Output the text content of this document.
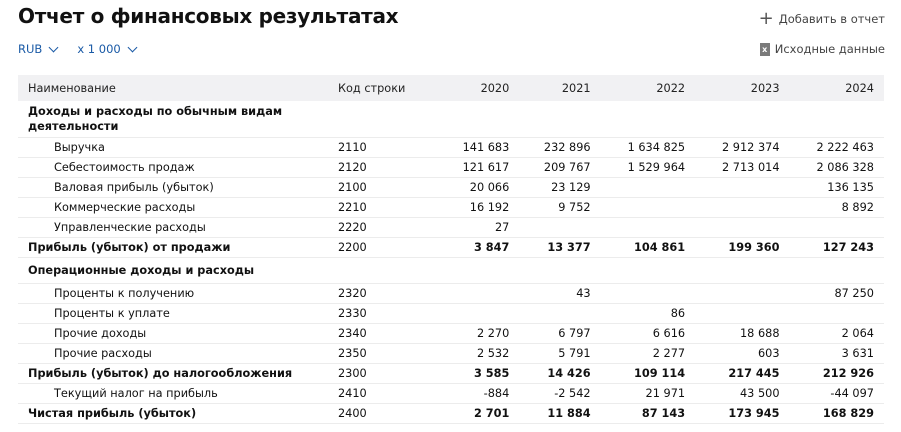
Отчет о финансовых результатах	+ Добавить в отчет
RUB	x 1 000	x Исходные данные
Наименование	Код строки	2020	2021	2022	2023	2024
Доходы и расходы по обычным видам деятельности						
Выручка	2110	141 683	232 896	1 634 825	2 912 374	2 222 463
Себестоимость продаж	2120	121 617	209 767	1 529 964	2 713 014	2 086 328
Валовая прибыль (убыток)	2100	20 066	23 129			136 135
Коммерческие расходы	2210	16 192	9 752			8 892
Управленческие расходы	2220	27				
Прибыль (убыток) от продажи	2200	3 847	13 377	104 861	199 360	127 243
Операционные доходы и расходы						
Проценты к получению	2320		43			87 250
Проценты к уплате	2330			86		
Прочие доходы	2340	2 270	6 797	6 616	18 688	2 064
Прочие расходы	2350	2 532	5 791	2 277	603	3 631
Прибыль (убыток) до налогообложения	2300	3 585	14 426	109 114	217 445	212 926
Текущий налог на прибыль	2410	-884	-2 542	21 971	43 500	-44 097
Чистая прибыль (убыток)	2400	2 701	11 884	87 143	173 945	168 829
